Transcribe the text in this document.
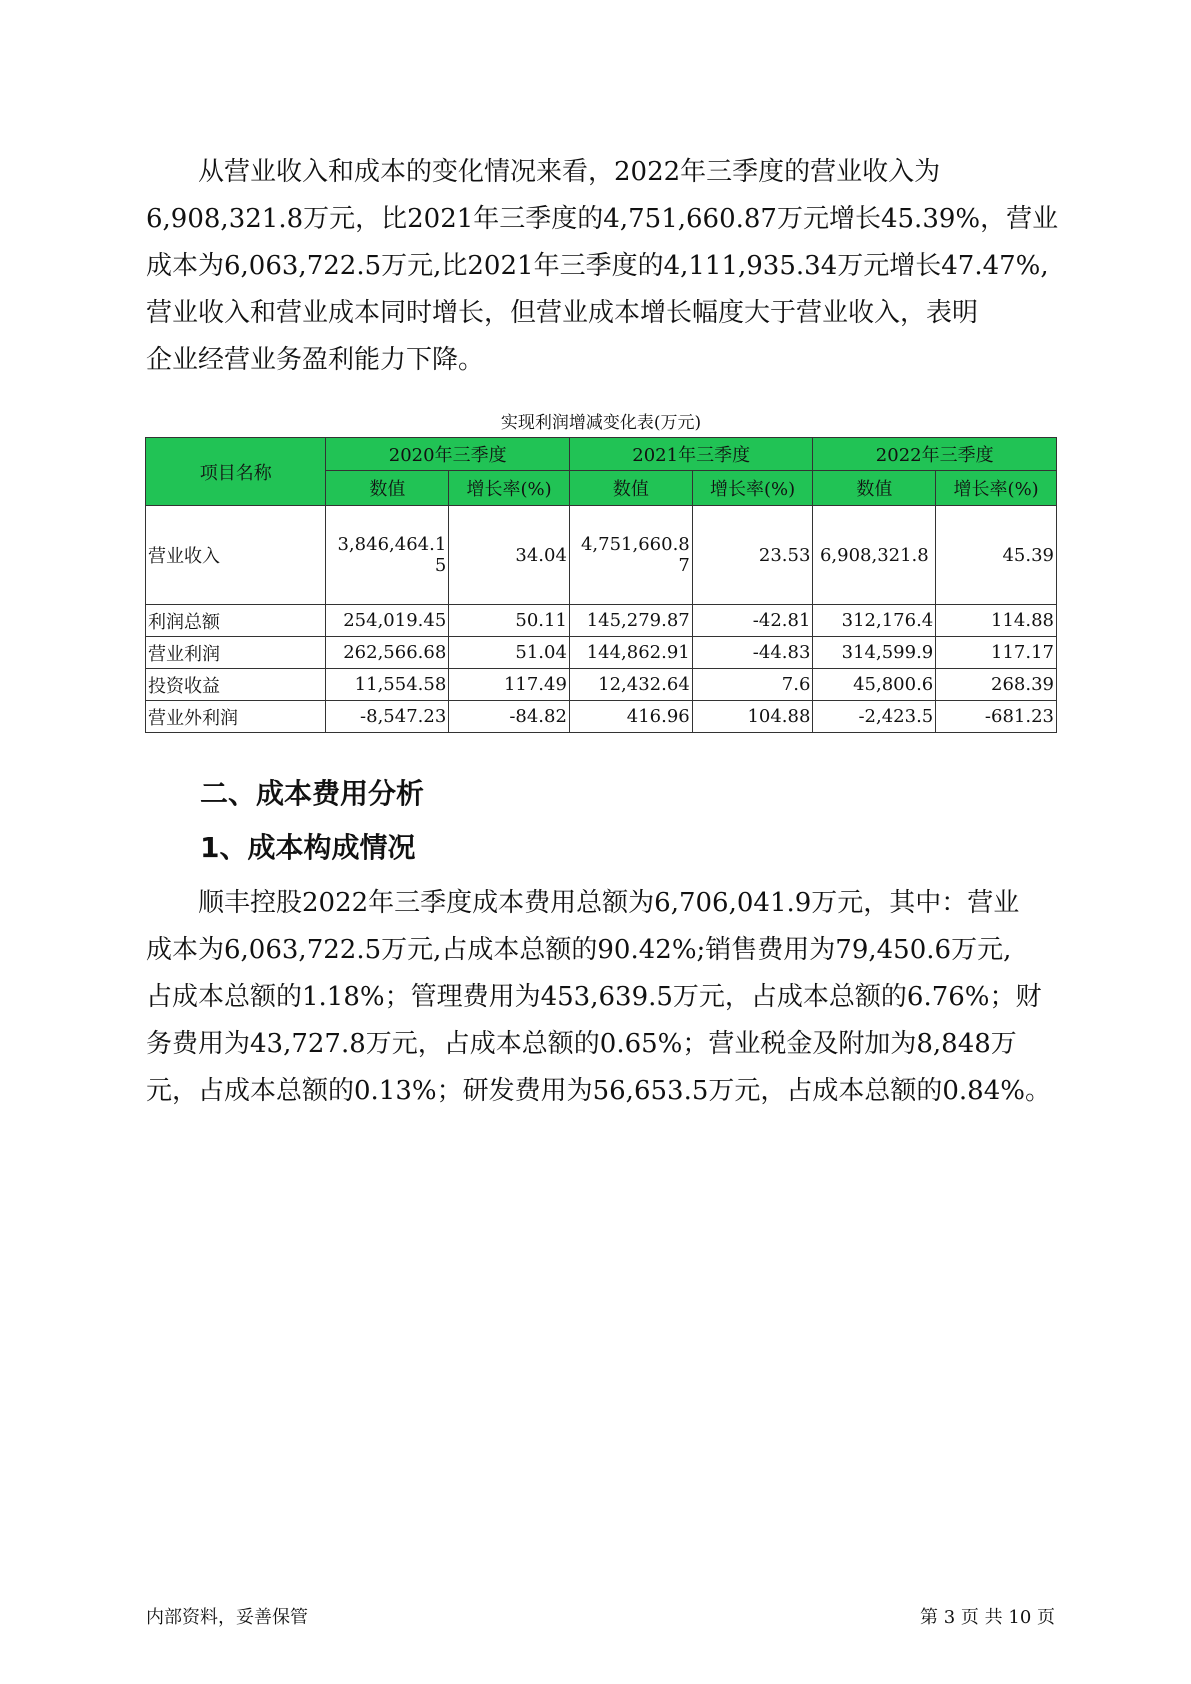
从营业收入和成本的变化情况来看，2022年三季度的营业收入为
6,908,321.8万元，比2021年三季度的4,751,660.87万元增长45.39%，营业
成本为6,063,722.5万元,比2021年三季度的4,111,935.34万元增长47.47%,
营业收入和营业成本同时增长，但营业成本增长幅度大于营业收入，表明
企业经营业务盈利能力下降。
实现利润增减变化表(万元)
项目名称	2020年三季度		2021年三季度		2022年三季度	
	数值	增长率(%)	数值	增长率(%)	数值	增长率(%)
营业收入	3,846,464.15	34.04	4,751,660.87	23.53	6,908,321.8	45.39
利润总额	254,019.45	50.11	145,279.87	-42.81	312,176.4	114.88
营业利润	262,566.68	51.04	144,862.91	-44.83	314,599.9	117.17
投资收益	11,554.58	117.49	12,432.64	7.6	45,800.6	268.39
营业外利润	-8,547.23	-84.82	416.96	104.88	-2,423.5	-681.23
二、成本费用分析
1、成本构成情况
顺丰控股2022年三季度成本费用总额为6,706,041.9万元，其中：营业
成本为6,063,722.5万元,占成本总额的90.42%;销售费用为79,450.6万元,
占成本总额的1.18%；管理费用为453,639.5万元，占成本总额的6.76%；财
务费用为43,727.8万元，占成本总额的0.65%；营业税金及附加为8,848万
元，占成本总额的0.13%；研发费用为56,653.5万元，占成本总额的0.84%。
内部资料，妥善保管	第 3 页 共 10 页
